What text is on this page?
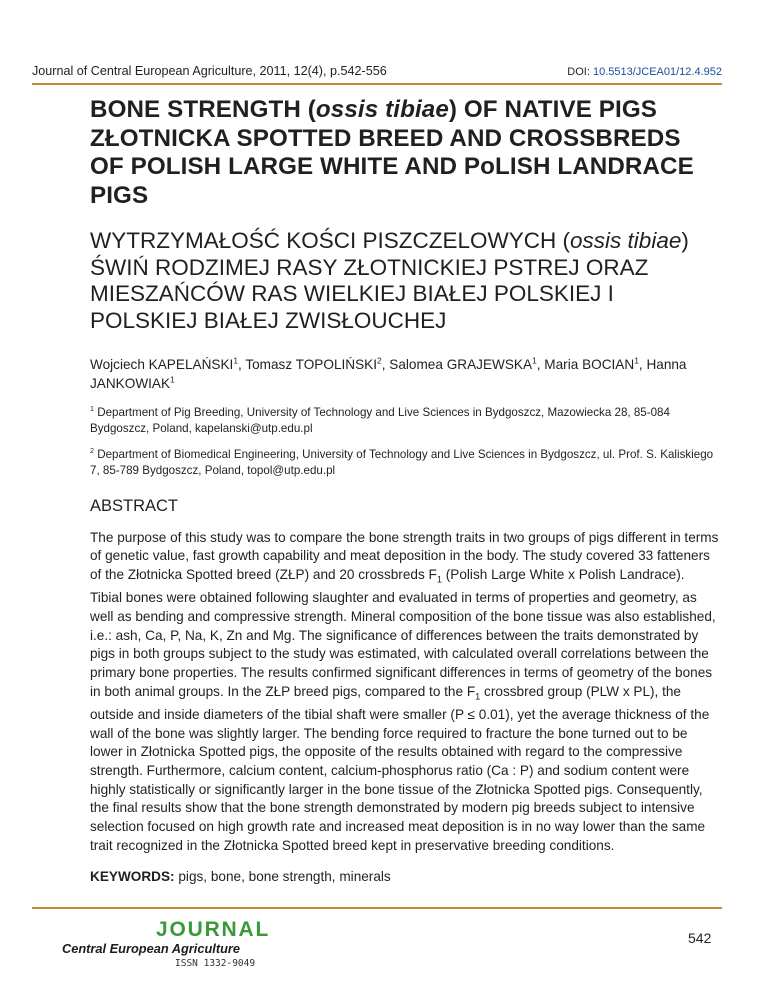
Journal of Central European Agriculture, 2011, 12(4), p.542-556	DOI: 10.5513/JCEA01/12.4.952
BONE STRENGTH (ossis tibiae) OF NATIVE PIGS ZŁOTNICKA SPOTTED BREED AND CROSSBREDS OF POLISH LARGE WHITE AND PoLISH LANDRACE PIGS
WYTRZYMAŁOŚĆ KOŚCI PISZCZELOWYCH (ossis tibiae) ŚWIŃ RODZIMEJ RASY ZŁOTNICKIEJ PSTREJ ORAZ MIESZAŃCÓW RAS WIELKIEJ BIAŁEJ POLSKIEJ I POLSKIEJ BIAŁEJ ZWISŁOUCHEJ

Wojciech KAPELAŃSKI$^1$, Tomasz TOPOLIŃSKI$^2$, Salomea GRAJEWSKA$^1$, Maria BOCIAN$^1$, Hanna JANKOWIAK$^1$

$^1$ Department of Pig Breeding, University of Technology and Live Sciences in Bydgoszcz, Mazowiecka 28, 85-084 Bydgoszcz, Poland, kapelanski@utp.edu.pl

$^2$ Department of Biomedical Engineering, University of Technology and Live Sciences in Bydgoszcz, ul. Prof. S. Kaliskiego 7, 85-789 Bydgoszcz, Poland, topol@utp.edu.pl

ABSTRACT

The purpose of this study was to compare the bone strength traits in two groups of pigs different in terms of genetic value, fast growth capability and meat deposition in the body. The study covered 33 fatteners of the Złotnicka Spotted breed (ZŁP) and 20 crossbreds $F_1$ (Polish Large White x Polish Landrace). Tibial bones were obtained following slaughter and evaluated in terms of properties and geometry, as well as bending and compressive strength. Mineral composition of the bone tissue was also established, i.e.: ash, Ca, P, Na, K, Zn and Mg. The significance of differences between the traits demonstrated by pigs in both groups subject to the study was estimated, with calculated overall correlations between the primary bone properties. The results confirmed significant differences in terms of geometry of the bones in both animal groups. In the ZŁP breed pigs, compared to the $F_1$ crossbred group (PLW x PL), the outside and inside diameters of the tibial shaft were smaller (P ≤ 0.01), yet the average thickness of the wall of the bone was slightly larger. The bending force required to fracture the bone turned out to be lower in Złotnicka Spotted pigs, the opposite of the results obtained with regard to the compressive strength. Furthermore, calcium content, calcium-phosphorus ratio (Ca : P) and sodium content were highly statistically or significantly larger in the bone tissue of the Złotnicka Spotted pigs. Consequently, the final results show that the bone strength demonstrated by modern pig breeds subject to intensive selection focused on high growth rate and increased meat deposition is in no way lower than the same trait recognized in the Złotnicka Spotted breed kept in preservative breeding conditions.

KEYWORDS: pigs, bone, bone strength, minerals

JOURNAL
Central European Agriculture
ISSN 1332-9049
542
